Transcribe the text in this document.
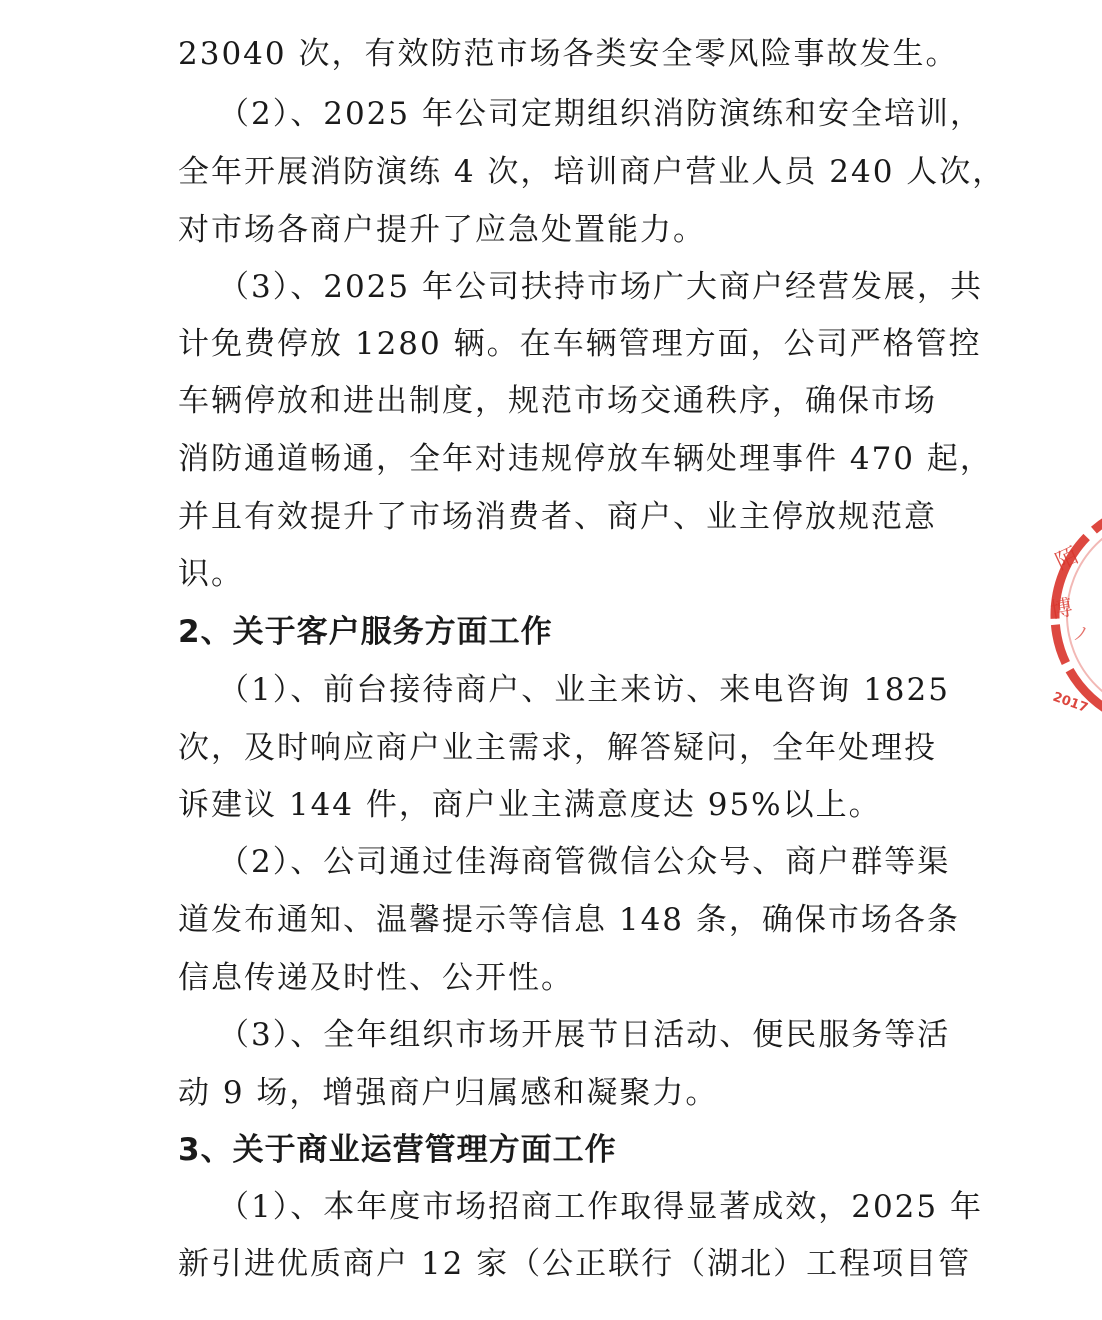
23040 次，有效防范市场各类安全零风险事故发生。
（2）、2025 年公司定期组织消防演练和安全培训，
全年开展消防演练 4 次，培训商户营业人员 240 人次，
对市场各商户提升了应急处置能力。
（3）、2025 年公司扶持市场广大商户经营发展，共
计免费停放 1280 辆。在车辆管理方面，公司严格管控
车辆停放和进出制度，规范市场交通秩序，确保市场
消防通道畅通，全年对违规停放车辆处理事件 470 起，
并且有效提升了市场消费者、商户、业主停放规范意
识。
2、关于客户服务方面工作
（1）、前台接待商户、业主来访、来电咨询 1825
次，及时响应商户业主需求，解答疑问，全年处理投
诉建议 144 件，商户业主满意度达 95%以上。
（2）、公司通过佳海商管微信公众号、商户群等渠
道发布通知、温馨提示等信息 148 条，确保市场各条
信息传递及时性、公开性。
（3）、全年组织市场开展节日活动、便民服务等活
动 9 场，增强商户归属感和凝聚力。
3、关于商业运营管理方面工作
（1）、本年度市场招商工作取得显著成效，2025 年
新引进优质商户 12 家（公正联行（湖北）工程项目管
陌
博
ノ
2017
